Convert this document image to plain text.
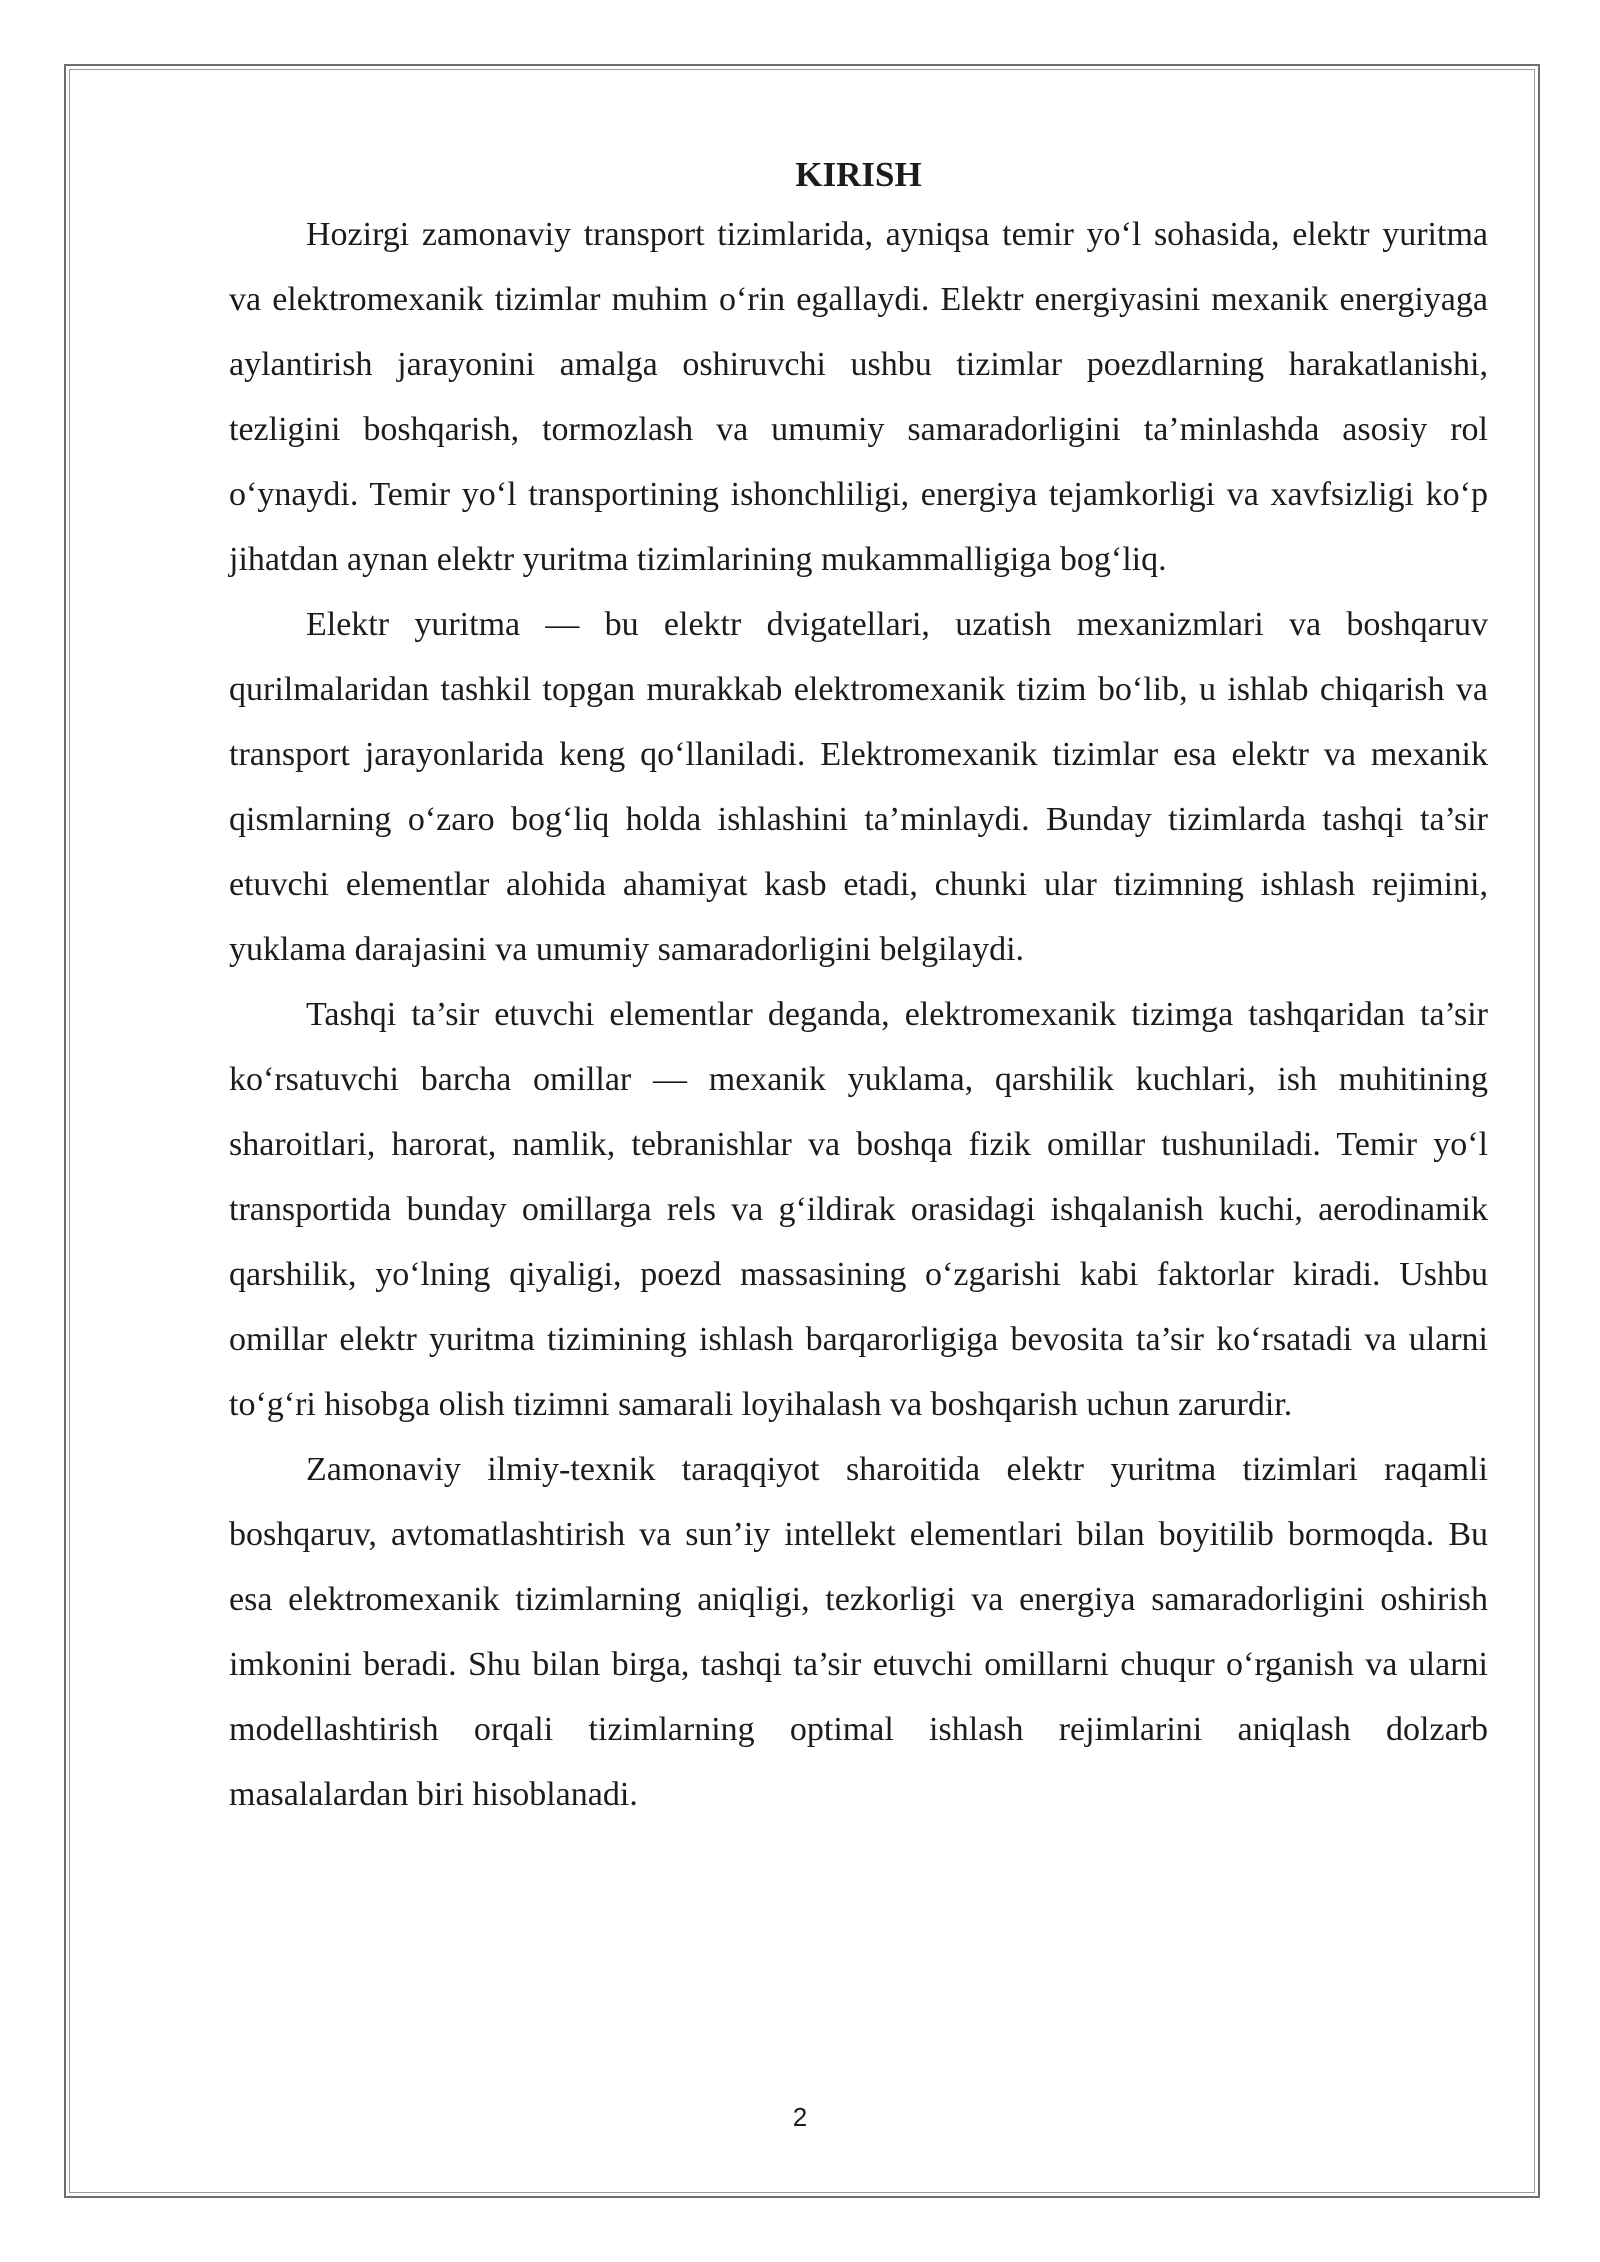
KIRISH

Hozirgi zamonaviy transport tizimlarida, ayniqsa temir yo‘l sohasida, elektr yuritma va elektromexanik tizimlar muhim o‘rin egallaydi. Elektr energiyasini mexanik energiyaga aylantirish jarayonini amalga oshiruvchi ushbu tizimlar poezdlarning harakatlanishi, tezligini boshqarish, tormozlash va umumiy samaradorligini ta’minlashda asosiy rol o‘ynaydi. Temir yo‘l transportining ishonchliligi, energiya tejamkorligi va xavfsizligi ko‘p jihatdan aynan elektr yuritma tizimlarining mukammalligiga bog‘liq.

Elektr yuritma — bu elektr dvigatellari, uzatish mexanizmlari va boshqaruv qurilmalaridan tashkil topgan murakkab elektromexanik tizim bo‘lib, u ishlab chiqarish va transport jarayonlarida keng qo‘llaniladi. Elektromexanik tizimlar esa elektr va mexanik qismlarning o‘zaro bog‘liq holda ishlashini ta’minlaydi. Bunday tizimlarda tashqi ta’sir etuvchi elementlar alohida ahamiyat kasb etadi, chunki ular tizimning ishlash rejimini, yuklama darajasini va umumiy samaradorligini belgilaydi.

Tashqi ta’sir etuvchi elementlar deganda, elektromexanik tizimga tashqaridan ta’sir ko‘rsatuvchi barcha omillar — mexanik yuklama, qarshilik kuchlari, ish muhitining sharoitlari, harorat, namlik, tebranishlar va boshqa fizik omillar tushuniladi. Temir yo‘l transportida bunday omillarga rels va g‘ildirak orasidagi ishqalanish kuchi, aerodinamik qarshilik, yo‘lning qiyaligi, poezd massasining o‘zgarishi kabi faktorlar kiradi. Ushbu omillar elektr yuritma tizimining ishlash barqarorligiga bevosita ta’sir ko‘rsatadi va ularni to‘g‘ri hisobga olish tizimni samarali loyihalash va boshqarish uchun zarurdir.

Zamonaviy ilmiy-texnik taraqqiyot sharoitida elektr yuritma tizimlari raqamli boshqaruv, avtomatlashtirish va sun’iy intellekt elementlari bilan boyitilib bormoqda. Bu esa elektromexanik tizimlarning aniqligi, tezkorligi va energiya samaradorligini oshirish imkonini beradi. Shu bilan birga, tashqi ta’sir etuvchi omillarni chuqur o‘rganish va ularni modellashtirish orqali tizimlarning optimal ishlash rejimlarini aniqlash dolzarb masalalardan biri hisoblanadi.

2
